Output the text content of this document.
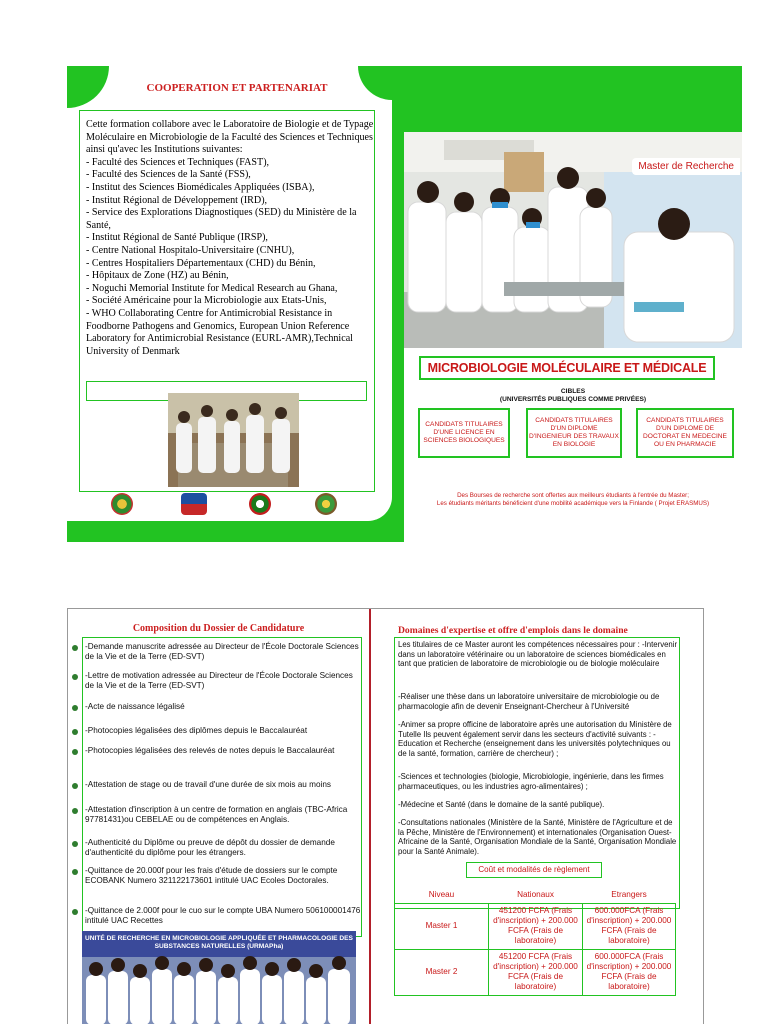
COOPERATION ET PARTENARIAT
Cette formation collabore avec le Laboratoire de Biologie et de Typage Moléculaire en Microbiologie de la Faculté des Sciences et Techniques ainsi qu'avec les Institutions suivantes:
- Faculté des Sciences et Techniques (FAST),
- Faculté des Sciences de la Santé (FSS),
- Institut des Sciences Biomédicales Appliquées (ISBA),
- Institut Régional de Développement (IRD),
- Service des Explorations Diagnostiques (SED) du Ministère de la Santé,
- Institut Régional de Santé Publique (IRSP),
- Centre National Hospitalo-Universitaire (CNHU),
- Centres Hospitaliers Départementaux (CHD) du Bénin,
- Hôpitaux de Zone (HZ) au Bénin,
- Noguchi Memorial Institute for Medical Research au Ghana,
- Société Américaine pour la Microbiologie aux Etats-Unis,
- WHO Collaborating Centre for Antimicrobial Resistance in Foodborne Pathogens and Genomics, European Union Reference Laboratory for Antimicrobial Resistance (EURL-AMR),Technical University of Denmark
Master de Recherche
MICROBIOLOGIE MOLÉCULAIRE ET MÉDICALE
CIBLES
(UNIVERSITÉS PUBLIQUES COMME PRIVÉES)
CANDIDATS TITULAIRES D'UNE LICENCE EN SCIENCES BIOLOGIQUES
CANDIDATS TITULAIRES D'UN DIPLOME D'INGENIEUR DES TRAVAUX EN BIOLOGIE
CANDIDATS TITULAIRES D'UN DIPLOME DE DOCTORAT EN MEDECINE OU EN PHARMACIE
Des Bourses de recherche sont offertes aux meilleurs étudiants à l'entrée du Master;
Les étudiants méritants bénéficient d'une mobilité académique vers la Finlande ( Projet ERASMUS)
Composition du Dossier de Candidature
-Demande manuscrite adressée au Directeur de l'École Doctorale Sciences de la Vie et de la Terre (ED-SVT)
-Lettre de motivation adressée au Directeur de l'École Doctorale Sciences de la Vie et de la Terre (ED-SVT)
-Acte de naissance légalisé
-Photocopies légalisées des diplômes depuis le Baccalauréat
-Photocopies légalisées des relevés de notes depuis le Baccalauréat
-Attestation de stage ou de travail d'une durée de six mois au moins
-Attestation d'inscription à un centre de formation en anglais (TBC-Africa 97781431)ou CEBELAE ou de compétences en Anglais.
-Authenticité du Diplôme ou preuve de dépôt du dossier de demande d'authenticité du diplôme pour les étrangers.
-Quittance de 20.000f pour les frais d'étude de dossiers sur le compte ECOBANK Numero 321122173601 intitulé UAC Ecoles Doctorales.
-Quittance de 2.000f pour le cuo sur le compte UBA Numero 506100001476 intitulé UAC Recettes
UNITÉ DE RECHERCHE EN MICROBIOLOGIE APPLIQUÉE ET PHARMACOLOGIE DES SUBSTANCES NATURELLES (URMAPha)
Domaines d'expertise et offre d'emplois dans le domaine
Les titulaires de ce Master auront les compétences nécessaires pour : -Intervenir dans un laboratoire vétérinaire ou un laboratoire de sciences biomédicales en tant que praticien de laboratoire de microbiologie ou de biologie moléculaire
-Réaliser une thèse dans un laboratoire universitaire de microbiologie ou de pharmacologie afin de devenir Enseignant-Chercheur à l'Université
-Animer sa propre officine de laboratoire après une autorisation du Ministère de Tutelle Ils peuvent également servir dans les secteurs d'activité suivants : - Education et Recherche (enseignement dans les universités polytechniques ou de la santé, formation, carrière de chercheur) ;
-Sciences et technologies (biologie, Microbiologie, ingénierie, dans les firmes pharmaceutiques, ou les industries agro-alimentaires) ;
-Médecine et Santé (dans le domaine de la santé publique).
-Consultations nationales (Ministère de la Santé, Ministère de l'Agriculture et de la Pêche, Ministère de l'Environnement) et internationales (Organisation Ouest-Africaine de la Santé, Organisation Mondiale de la Santé, Organisation Mondiale pour la Santé Animale).
Coût et modalités de règlement
Niveau	Nationaux	Etrangers
Master 1	451200 FCFA (Frais d'inscription) + 200.000 FCFA (Frais de laboratoire)	600.000FCA (Frais d'inscription) + 200.000 FCFA (Frais de laboratoire)
Master 2	451200 FCFA (Frais d'inscription) + 200.000 FCFA (Frais de laboratoire)	600.000FCA (Frais d'inscription) + 200.000 FCFA (Frais de laboratoire)
